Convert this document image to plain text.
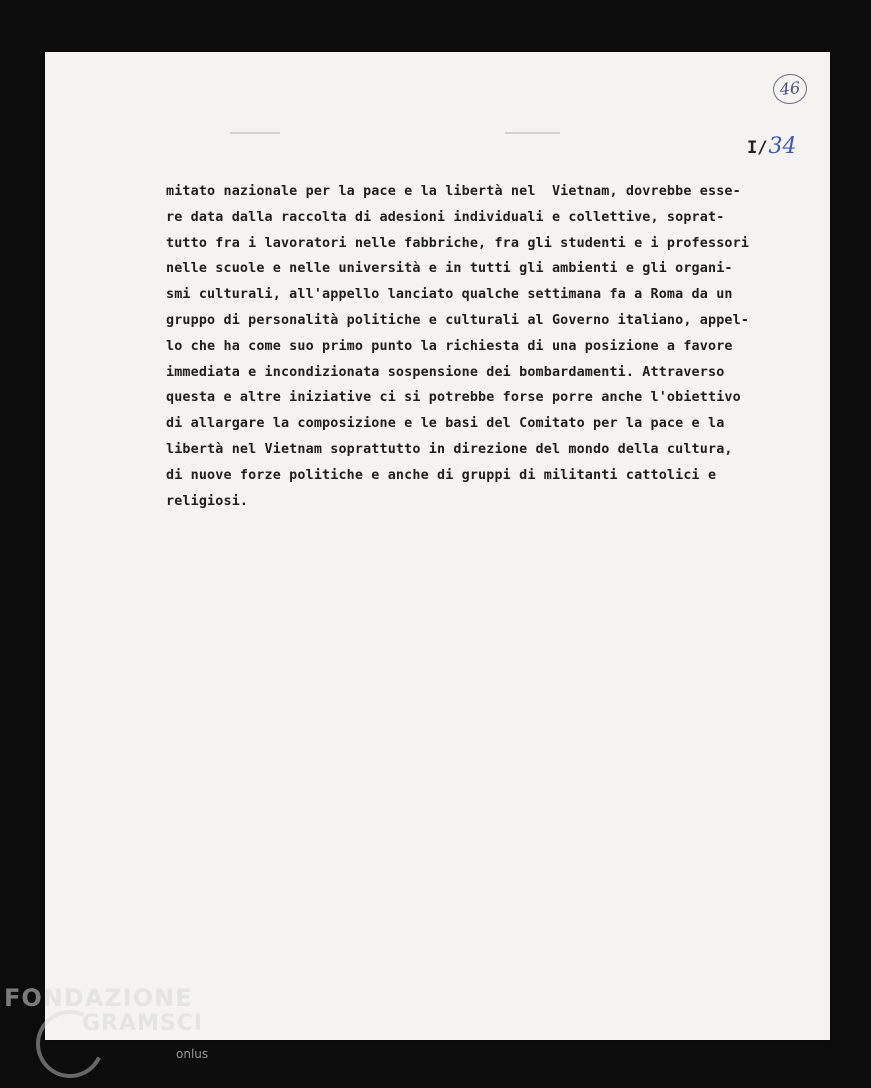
46
I/34
mitato nazionale per la pace e la libertà nel  Vietnam, dovrebbe esse-
re data dalla raccolta di adesioni individuali e collettive, soprat-
tutto fra i lavoratori nelle fabbriche, fra gli studenti e i professori
nelle scuole e nelle università e in tutti gli ambienti e gli organi-
smi culturali, all'appello lanciato qualche settimana fa a Roma da un
gruppo di personalità politiche e culturali al Governo italiano, appel-
lo che ha come suo primo punto la richiesta di una posizione a favore
immediata e incondizionata sospensione dei bombardamenti. Attraverso
questa e altre iniziative ci si potrebbe forse porre anche l'obiettivo
di allargare la composizione e le basi del Comitato per la pace e la
libertà nel Vietnam soprattutto in direzione del mondo della cultura,
di nuove forze politiche e anche di gruppi di militanti cattolici e
religiosi.
FONDAZIONE
GRAMSCI
onlus
